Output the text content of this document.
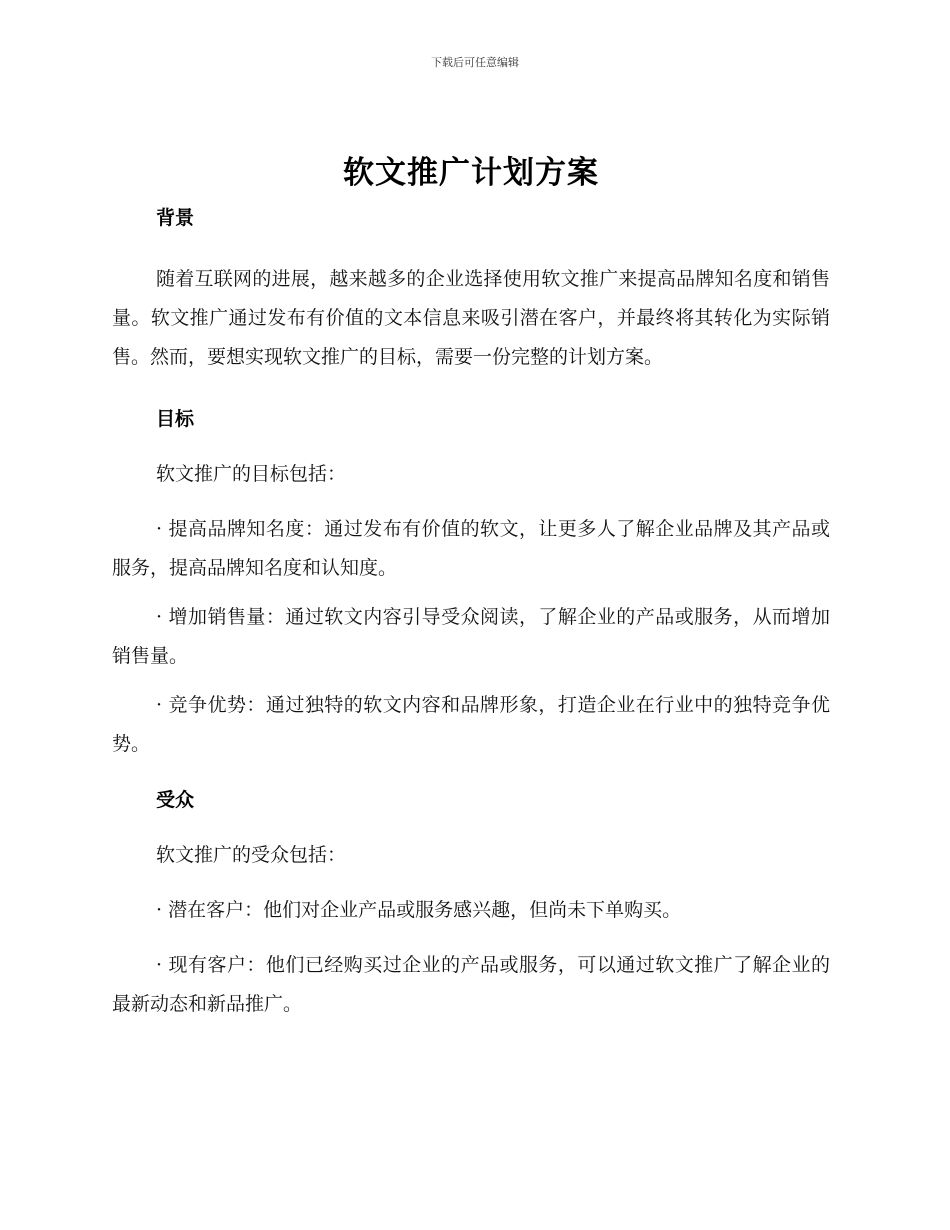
下载后可任意编辑
软文推广计划方案
背景

随着互联网的进展，越来越多的企业选择使用软文推广来提高品牌知名度和销售量。软文推广通过发布有价值的文本信息来吸引潜在客户，并最终将其转化为实际销售。然而，要想实现软文推广的目标，需要一份完整的计划方案。

目标

软文推广的目标包括：

· 提高品牌知名度：通过发布有价值的软文，让更多人了解企业品牌及其产品或服务，提高品牌知名度和认知度。

· 增加销售量：通过软文内容引导受众阅读，了解企业的产品或服务，从而增加销售量。

· 竞争优势：通过独特的软文内容和品牌形象，打造企业在行业中的独特竞争优势。

受众

软文推广的受众包括：

· 潜在客户：他们对企业产品或服务感兴趣，但尚未下单购买。

· 现有客户：他们已经购买过企业的产品或服务，可以通过软文推广了解企业的最新动态和新品推广。
